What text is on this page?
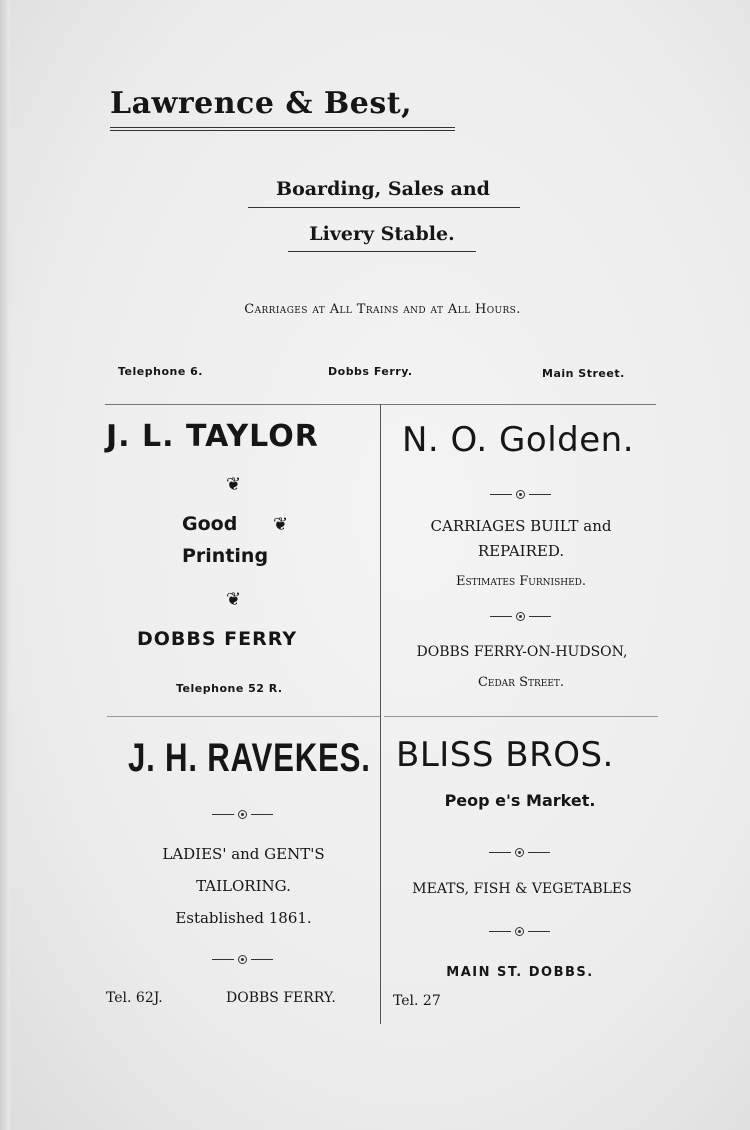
Lawrence & Best,
Boarding, Sales and
Livery Stable.
Carriages at All Trains and at All Hours.
Telephone 6.	Dobbs Ferry.	Main Street.
J. L. TAYLOR
❦
Good ❦
Printing
❦
DOBBS FERRY
Telephone 52 R.
N. O. Golden.
CARRIAGES BUILT and
REPAIRED.
Estimates Furnished.
DOBBS FERRY-ON-HUDSON,
Cedar Street.
J. H. RAVEKES.
LADIES' and GENT'S
TAILORING.
Established 1861.
Tel. 62J.	DOBBS FERRY.
BLISS BROS.
Peop e's Market.
MEATS, FISH & VEGETABLES
MAIN ST. DOBBS.
Tel. 27
